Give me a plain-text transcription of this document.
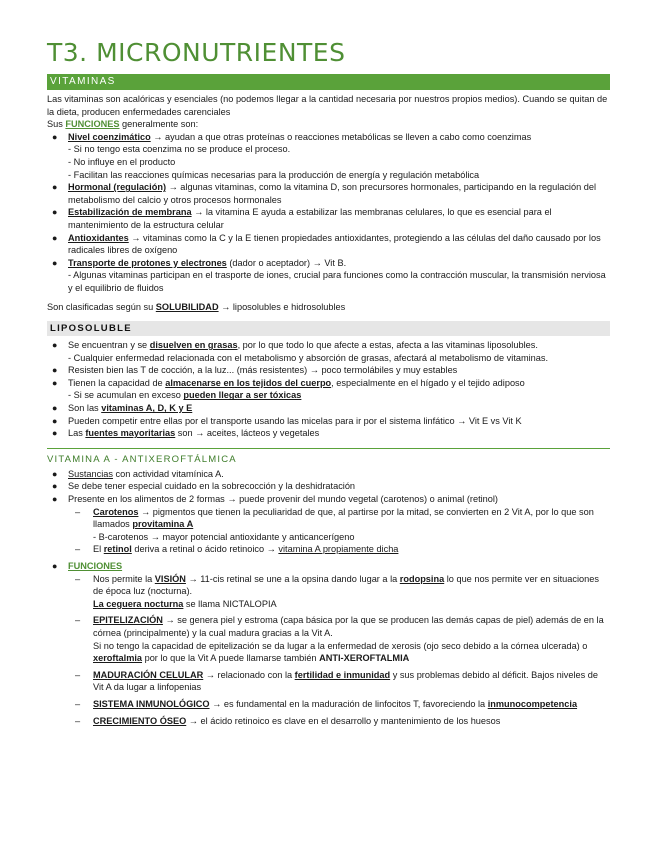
T3. MICRONUTRIENTES
VITAMINAS

Las vitaminas son acalóricas y esenciales (no podemos llegar a la cantidad necesaria por nuestros propios medios). Cuando se quitan de la dieta, producen enfermedades carenciales

Sus FUNCIONES generalmente son:

● Nivel coenzimático → ayudan a que otras proteínas o reacciones metabólicas se lleven a cabo como coenzimas
- Si no tengo esta coenzima no se produce el proceso.
- No influye en el producto
- Facilitan las reacciones químicas necesarias para la producción de energía y regulación metabólica
● Hormonal (regulación) → algunas vitaminas, como la vitamina D, son precursores hormonales, participando en la regulación del metabolismo del calcio y otros procesos hormonales
● Estabilización de membrana → la vitamina E ayuda a estabilizar las membranas celulares, lo que es esencial para el mantenimiento de la estructura celular
● Antioxidantes → vitaminas como la C y la E tienen propiedades antioxidantes, protegiendo a las células del daño causado por los radicales libres de oxígeno
● Transporte de protones y electrones (dador o aceptador) → Vit B.
- Algunas vitaminas participan en el trasporte de iones, crucial para funciones como la contracción muscular, la transmisión nerviosa y el equilibrio de fluidos

Son clasificadas según su SOLUBILIDAD → liposolubles e hidrosolubles

LIPOSOLUBLE
● Se encuentran y se disuelven en grasas, por lo que todo lo que afecte a estas, afecta a las vitaminas liposolubles.
- Cualquier enfermedad relacionada con el metabolismo y absorción de grasas, afectará al metabolismo de vitaminas.
● Resisten bien las T de cocción, a la luz... (más resistentes) → poco termolábiles y muy estables
● Tienen la capacidad de almacenarse en los tejidos del cuerpo, especialmente en el hígado y el tejido adiposo
- Si se acumulan en exceso pueden llegar a ser tóxicas
● Son las vitaminas A, D, K y E
● Pueden competir entre ellas por el transporte usando las micelas para ir por el sistema linfático → Vit E vs Vit K
● Las fuentes mayoritarias son → aceites, lácteos y vegetales
VITAMINA A - ANTIXEROFTÁLMICA
● Sustancias con actividad vitamínica A.
● Se debe tener especial cuidado en la sobrecocción y la deshidratación
● Presente en los alimentos de 2 formas → puede provenir del mundo vegetal (carotenos) o animal (retinol)
– Carotenos → pigmentos que tienen la peculiaridad de que, al partirse por la mitad, se convierten en 2 Vit A, por lo que son llamados provitamina A
- B-carotenos → mayor potencial antioxidante y anticancerígeno
– El retinol deriva a retinal o ácido retinoico → vitamina A propiamente dicha
● FUNCIONES
– Nos permite la VISIÓN → 11-cis retinal se une a la opsina dando lugar a la rodopsina lo que nos permite ver en situaciones de época luz (nocturna).
La ceguera nocturna se llama NICTALOPIA
– EPITELIZACIÓN → se genera piel y estroma (capa básica por la que se producen las demás capas de piel) además de en la córnea (principalmente) y la cual madura gracias a la Vit A.
Si no tengo la capacidad de epitelización se da lugar a la enfermedad de xerosis (ojo seco debido a la córnea ulcerada) o xeroftalmia por lo que la Vit A puede llamarse también ANTI-XEROFTALMIA
– MADURACIÓN CELULAR → relacionado con la fertilidad e inmunidad y sus problemas debido al déficit. Bajos niveles de Vit A da lugar a linfopenias
– SISTEMA INMUNOLÓGICO → es fundamental en la maduración de linfocitos T, favoreciendo la inmunocompetencia
– CRECIMIENTO ÓSEO → el ácido retinoico es clave en el desarrollo y mantenimiento de los huesos
